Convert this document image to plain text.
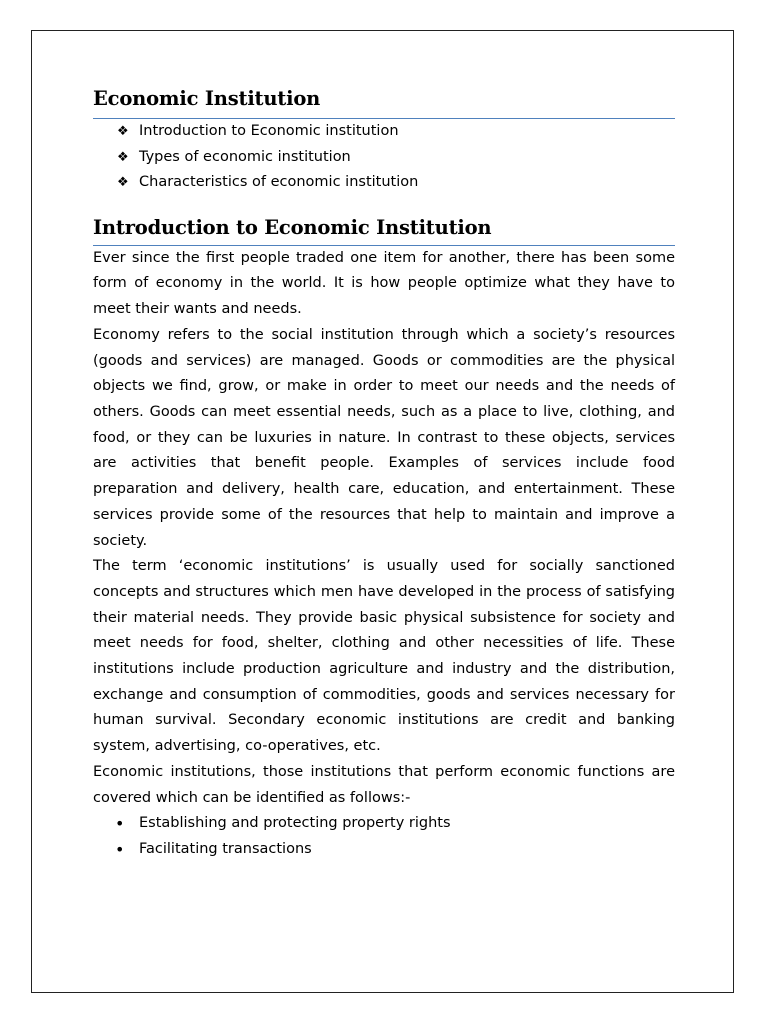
Economic Institution
❖ Introduction to Economic institution
❖ Types of economic institution
❖ Characteristics of economic institution
Introduction to Economic Institution

Ever since the first people traded one item for another, there has been some form of economy in the world. It is how people optimize what they have to meet their wants and needs.

Economy refers to the social institution through which a society’s resources (goods and services) are managed. Goods or commodities are the physical objects we find, grow, or make in order to meet our needs and the needs of others. Goods can meet essential needs, such as a place to live, clothing, and food, or they can be luxuries in nature. In contrast to these objects, services are activities that benefit people. Examples of services include food preparation and delivery, health care, education, and entertainment. These services provide some of the resources that help to maintain and improve a society.

The term ‘economic institutions’ is usually used for socially sanctioned concepts and structures which men have developed in the process of satisfying their material needs. They provide basic physical subsistence for society and meet needs for food, shelter, clothing and other necessities of life. These institutions include production agriculture and industry and the distribution, exchange and consumption of commodities, goods and services necessary for human survival. Secondary economic institutions are credit and banking system, advertising, co-operatives, etc.

Economic institutions, those institutions that perform economic functions are covered which can be identified as follows:-

• Establishing and protecting property rights
• Facilitating transactions
